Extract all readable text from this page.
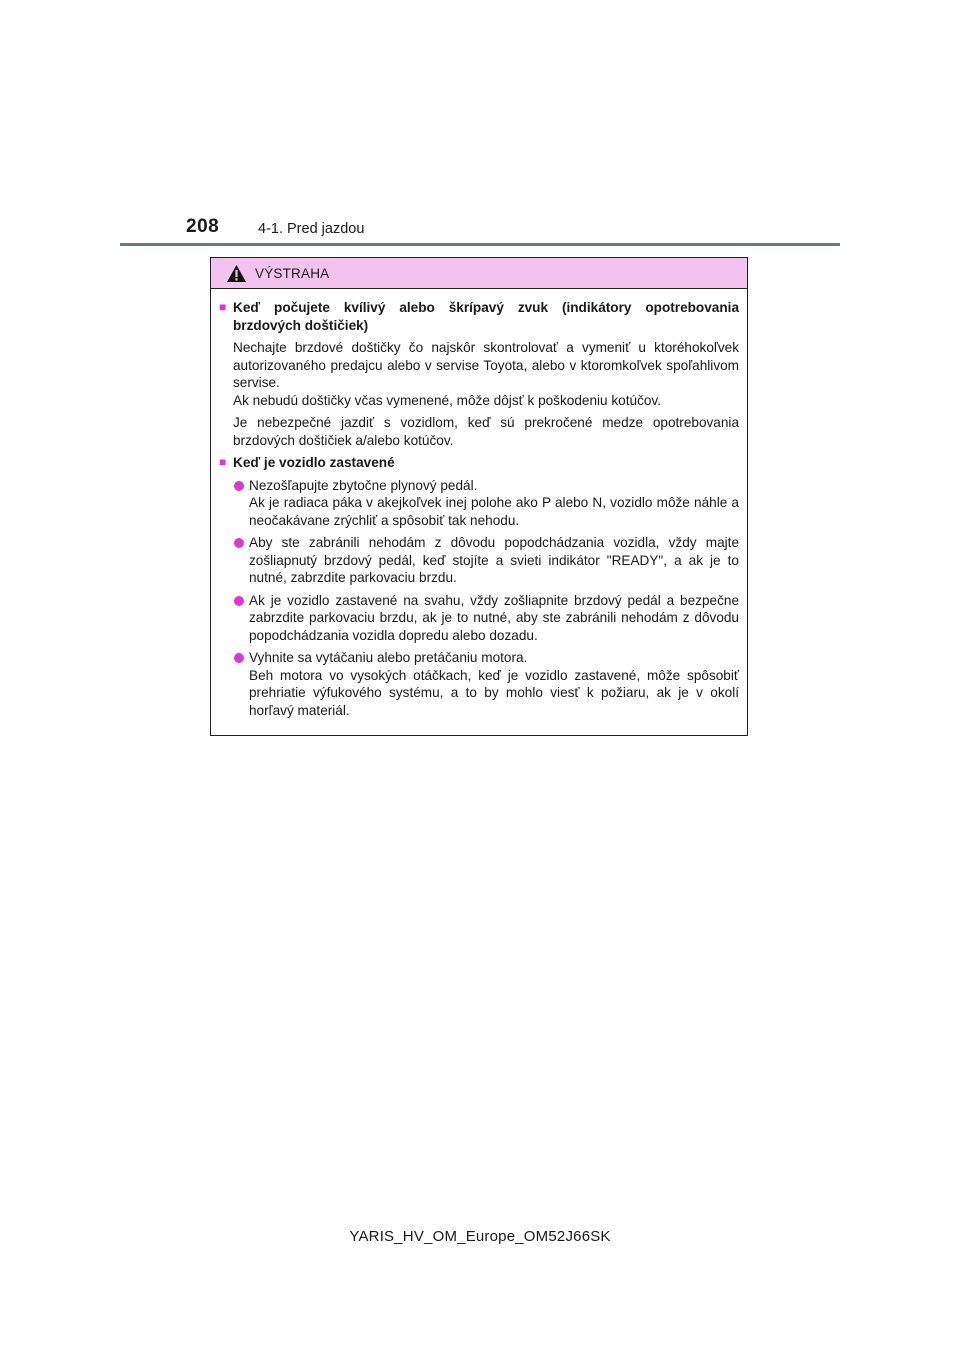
208	4-1. Pred jazdou
VÝSTRAHA
■ Keď počujete kvílivý alebo škrípavý zvuk (indikátory opotrebovania brzdových doštičiek)
Nechajte brzdové doštičky čo najskôr skontrolovať a vymeniť u ktoréhokoľvek autorizovaného predajcu alebo v servise Toyota, alebo v ktoromkoľvek spoľahlivom servise.
Ak nebudú doštičky včas vymenené, môže dôjsť k poškodeniu kotúčov.
Je nebezpečné jazdiť s vozidlom, keď sú prekročené medze opotrebovania brzdových doštičiek a/alebo kotúčov.
■ Keď je vozidlo zastavené
Nezošľapujte zbytočne plynový pedál.
Ak je radiaca páka v akejkoľvek inej polohe ako P alebo N, vozidlo môže náhle a neočakávane zrýchliť a spôsobiť tak nehodu.
Aby ste zabránili nehodám z dôvodu popodchádzania vozidla, vždy majte zošliapnutý brzdový pedál, keď stojíte a svieti indikátor "READY", a ak je to nutné, zabrzdite parkovaciu brzdu.
Ak je vozidlo zastavené na svahu, vždy zošliapnite brzdový pedál a bezpečne zabrzdite parkovaciu brzdu, ak je to nutné, aby ste zabránili nehodám z dôvodu popodchádzania vozidla dopredu alebo dozadu.
Vyhnite sa vytáčaniu alebo pretáčaniu motora.
Beh motora vo vysokých otáčkach, keď je vozidlo zastavené, môže spôsobiť prehriatie výfukového systému, a to by mohlo viesť k požiaru, ak je v okolí horľavý materiál.
YARIS_HV_OM_Europe_OM52J66SK
